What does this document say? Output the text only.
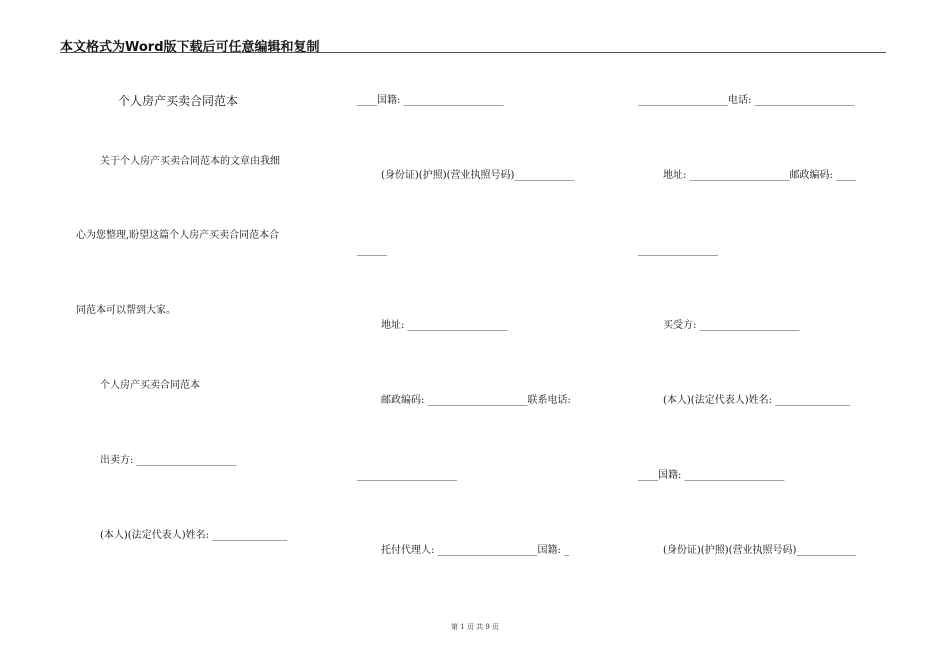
本文格式为Word版下载后可任意编辑和复制
个人房产买卖合同范本
关于个人房产买卖合同范本的文章由我细
心为您整理,盼望这篇个人房产买卖合同范本合
同范本可以帮到大家。
个人房产买卖合同范本
出卖方: ____________________
(本人)(法定代表人)姓名: _______________
____国籍: ____________________
(身份证)(护照)(营业执照号码)____________
______
地址: ____________________
邮政编码: ____________________联系电话:
____________________
托付代理人: ____________________国籍: _
__________________电话: ____________________
地址: ____________________邮政编码: ____
________________
买受方: ____________________
(本人)(法定代表人)姓名: _______________
____国籍: ____________________
(身份证)(护照)(营业执照号码)____________
第 1 页 共 9 页
